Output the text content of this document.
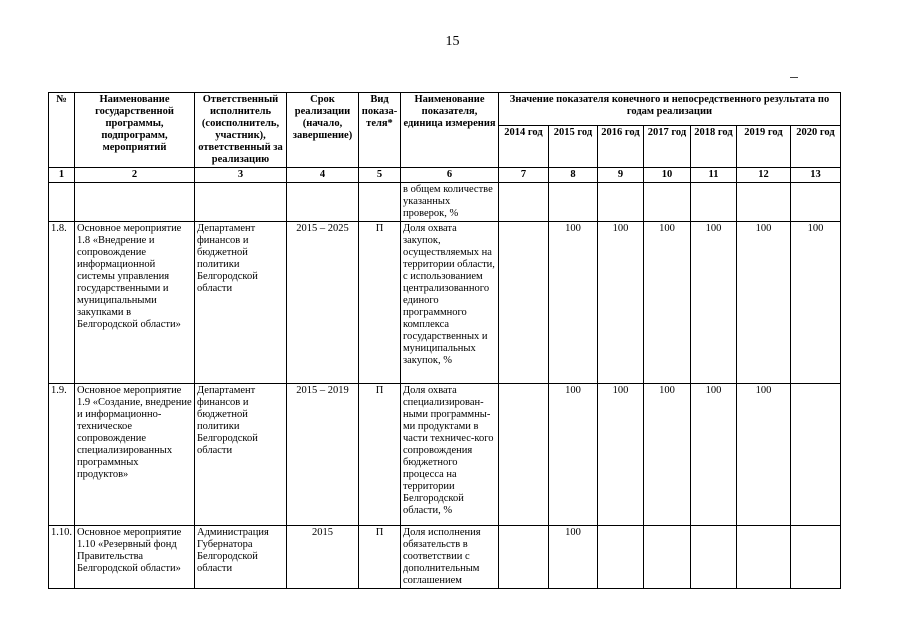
15
№	Наименование государственной программы, подпрограмм, мероприятий	Ответственный исполнитель (соисполнитель, участник), ответственный за реализацию	Срок реализации (начало, завершение)	Вид показа-теля*	Наименование показателя, единица измерения	Значение показателя конечного и непосредственного результата по годам реализации						
						2014 год	2015 год	2016 год	2017 год	2018 год	2019 год	2020 год
1	2	3	4	5	6	7	8	9	10	11	12	13
					в общем количестве указанных проверок, %							
1.8.	Основное мероприятие 1.8 «Внедрение и сопровождение информационной системы управления государственными и муниципальными закупками в Белгородской области»	Департамент финансов и бюджетной политики Белгородской области	2015 – 2025	П	Доля охвата закупок, осуществляемых на территории области, с использованием централизованного единого программного комплекса государственных и муниципальных закупок, %		100	100	100	100	100	100
1.9.	Основное мероприятие 1.9 «Создание, внедрение и информационно-техническое сопровождение специализированных программных продуктов»	Департамент финансов и бюджетной политики Белгородской области	2015 – 2019	П	Доля охвата специализирован-ными программны-ми продуктами в части техничес-кого сопровождения бюджетного процесса на территории Белгородской области, %		100	100	100	100	100	
1.10.	Основное мероприятие 1.10 «Резервный фонд Правительства Белгородской области»	Администрация Губернатора Белгородской области	2015	П	Доля исполнения обязательств в соответствии с дополнительным соглашением		100					
